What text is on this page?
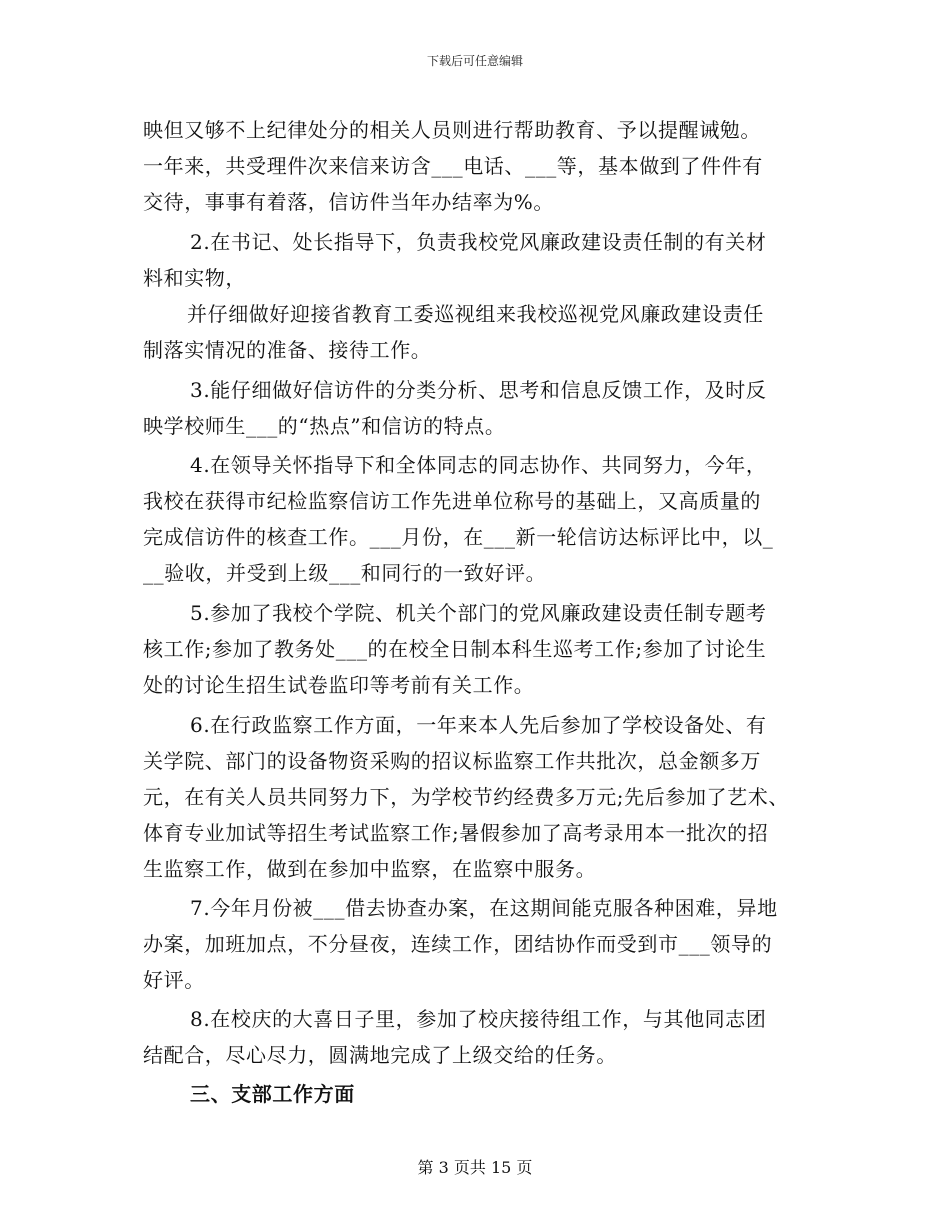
下载后可任意编辑
映但又够不上纪律处分的相关人员则进行帮助教育、予以提醒诫勉。
一年来，共受理件次来信来访含___电话、___等，基本做到了件件有
交待，事事有着落，信访件当年办结率为%。
2.在书记、处长指导下，负责我校党风廉政建设责任制的有关材
料和实物，
并仔细做好迎接省教育工委巡视组来我校巡视党风廉政建设责任
制落实情况的准备、接待工作。
3.能仔细做好信访件的分类分析、思考和信息反馈工作，及时反
映学校师生___的“热点”和信访的特点。
4.在领导关怀指导下和全体同志的同志协作、共同努力，今年，
我校在获得市纪检监察信访工作先进单位称号的基础上，又高质量的
完成信访件的核查工作。___月份，在___新一轮信访达标评比中，以_
__验收，并受到上级___和同行的一致好评。
5.参加了我校个学院、机关个部门的党风廉政建设责任制专题考
核工作;参加了教务处___的在校全日制本科生巡考工作;参加了讨论生
处的讨论生招生试卷监印等考前有关工作。
6.在行政监察工作方面，一年来本人先后参加了学校设备处、有
关学院、部门的设备物资采购的招议标监察工作共批次，总金额多万
元，在有关人员共同努力下，为学校节约经费多万元;先后参加了艺术、
体育专业加试等招生考试监察工作;暑假参加了高考录用本一批次的招
生监察工作，做到在参加中监察，在监察中服务。
7.今年月份被___借去协查办案，在这期间能克服各种困难，异地
办案，加班加点，不分昼夜，连续工作，团结协作而受到市___领导的
好评。
8.在校庆的大喜日子里，参加了校庆接待组工作，与其他同志团
结配合，尽心尽力，圆满地完成了上级交给的任务。
三、支部工作方面
第 3 页共 15 页
